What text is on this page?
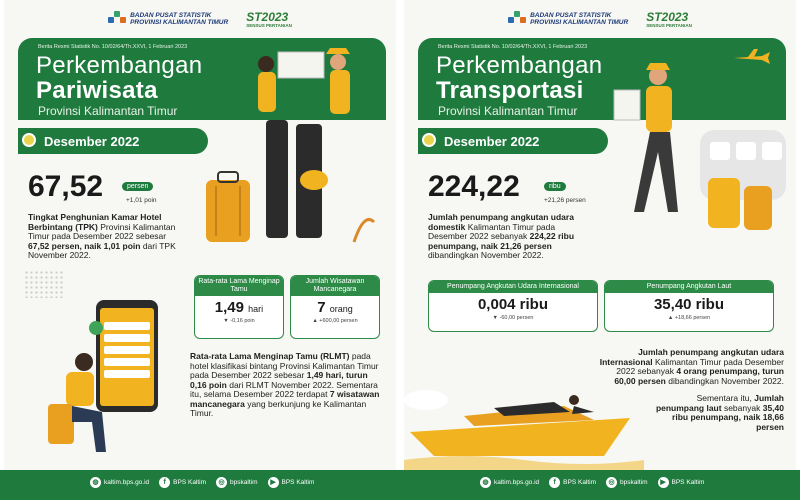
BADAN PUSAT STATISTIK
PROVINSI KALIMANTAN TIMUR ST2023
SENSUS PERTANIAN
Berita Resmi Statistik No. 10/02/64/Th.XXVI, 1 Februari 2023
Perkembangan
Pariwisata
Provinsi Kalimantan Timur
Desember 2022
67,52	persen
+1,01 poin
Tingkat Penghunian Kamar Hotel Berbintang (TPK) Provinsi Kalimantan Timur pada Desember 2022 sebesar 67,52 persen, naik 1,01 poin dari TPK November 2022.
Rata-rata Lama Menginap Tamu
1,49 hari
▼ -0,16 poin
Jumlah Wisatawan Mancanegara
7 orang
▲ +600,00 persen
Rata-rata Lama Menginap Tamu (RLMT) pada hotel klasifikasi bintang Provinsi Kalimantan Timur pada Desember 2022 sebesar 1,49 hari, turun 0,16 poin dari RLMT November 2022. Sementara itu, selama Desember 2022 terdapat 7 wisatawan mancanegara yang berkunjung ke Kalimantan Timur.
BADAN PUSAT STATISTIK
PROVINSI KALIMANTAN TIMUR ST2023
SENSUS PERTANIAN
Berita Resmi Statistik No. 10/02/64/Th.XXVI, 1 Februari 2023
Perkembangan
Transportasi
Provinsi Kalimantan Timur
Desember 2022
224,22	ribu
+21,26 persen
Jumlah penumpang angkutan udara domestik Kalimantan Timur pada Desember 2022 sebanyak 224,22 ribu penumpang, naik 21,26 persen dibandingkan November 2022.
Penumpang Angkutan Udara Internasional
0,004 ribu
▼ -60,00 persen
Penumpang Angkutan Laut
35,40 ribu
▲ +18,66 persen
Jumlah penumpang angkutan udara Internasional Kalimantan Timur pada Desember 2022 sebanyak 4 orang penumpang, turun 60,00 persen dibandingkan November 2022.
Sementara itu, Jumlah penumpang laut sebanyak 35,40 ribu penumpang, naik 18,66 persen
◍ kaltim.bps.go.id	f	BPS Kaltim	◎ bpskaltim	▶ BPS Kaltim	◍ kaltim.bps.go.id	f	BPS Kaltim	◎ bpskaltim	▶ BPS Kaltim
